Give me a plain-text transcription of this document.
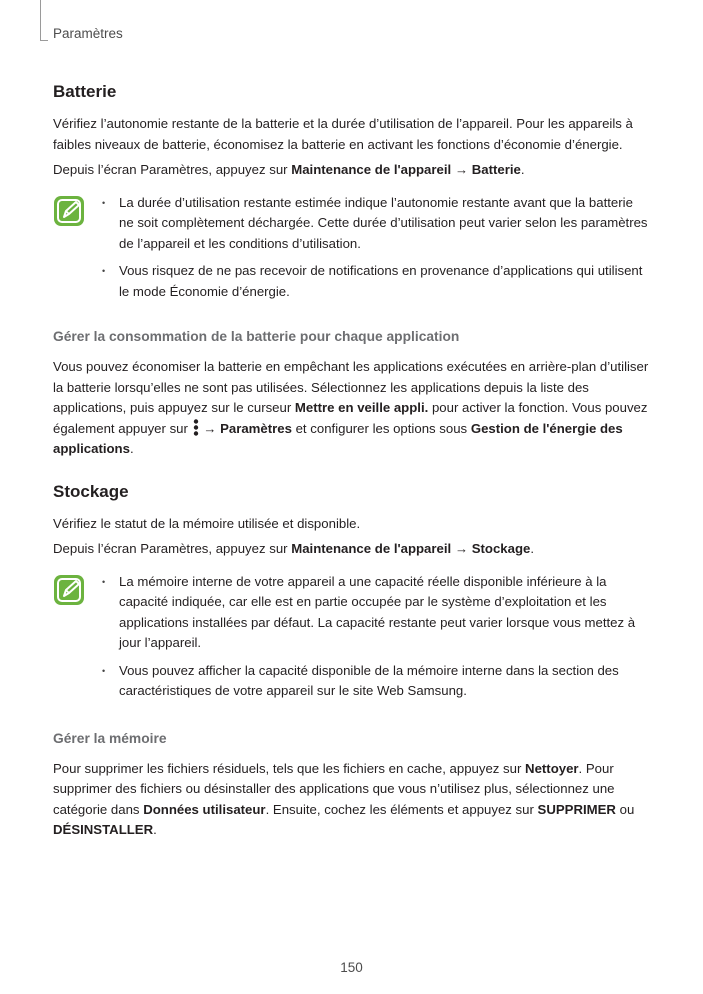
Paramètres
Batterie

Vérifiez l’autonomie restante de la batterie et la durée d’utilisation de l’appareil. Pour les appareils à faibles niveaux de batterie, économisez la batterie en activant les fonctions d’économie d’énergie.

Depuis l’écran Paramètres, appuyez sur Maintenance de l'appareil → Batterie.

• La durée d’utilisation restante estimée indique l’autonomie restante avant que la batterie ne soit complètement déchargée. Cette durée d’utilisation peut varier selon les paramètres de l’appareil et les conditions d’utilisation.
• Vous risquez de ne pas recevoir de notifications en provenance d’applications qui utilisent le mode Économie d’énergie.
Gérer la consommation de la batterie pour chaque application

Vous pouvez économiser la batterie en empêchant les applications exécutées en arrière-plan d’utiliser la batterie lorsqu’elles ne sont pas utilisées. Sélectionnez les applications depuis la liste des applications, puis appuyez sur le curseur Mettre en veille appli. pour activer la fonction. Vous pouvez également appuyer sur  → Paramètres et configurer les options sous Gestion de l'énergie des applications.

Stockage

Vérifiez le statut de la mémoire utilisée et disponible.

Depuis l’écran Paramètres, appuyez sur Maintenance de l'appareil → Stockage.

• La mémoire interne de votre appareil a une capacité réelle disponible inférieure à la capacité indiquée, car elle est en partie occupée par le système d’exploitation et les applications installées par défaut. La capacité restante peut varier lorsque vous mettez à jour l’appareil.
• Vous pouvez afficher la capacité disponible de la mémoire interne dans la section des caractéristiques de votre appareil sur le site Web Samsung.
Gérer la mémoire

Pour supprimer les fichiers résiduels, tels que les fichiers en cache, appuyez sur Nettoyer. Pour supprimer des fichiers ou désinstaller des applications que vous n’utilisez plus, sélectionnez une catégorie dans Données utilisateur. Ensuite, cochez les éléments et appuyez sur SUPPRIMER ou DÉSINSTALLER.

150
